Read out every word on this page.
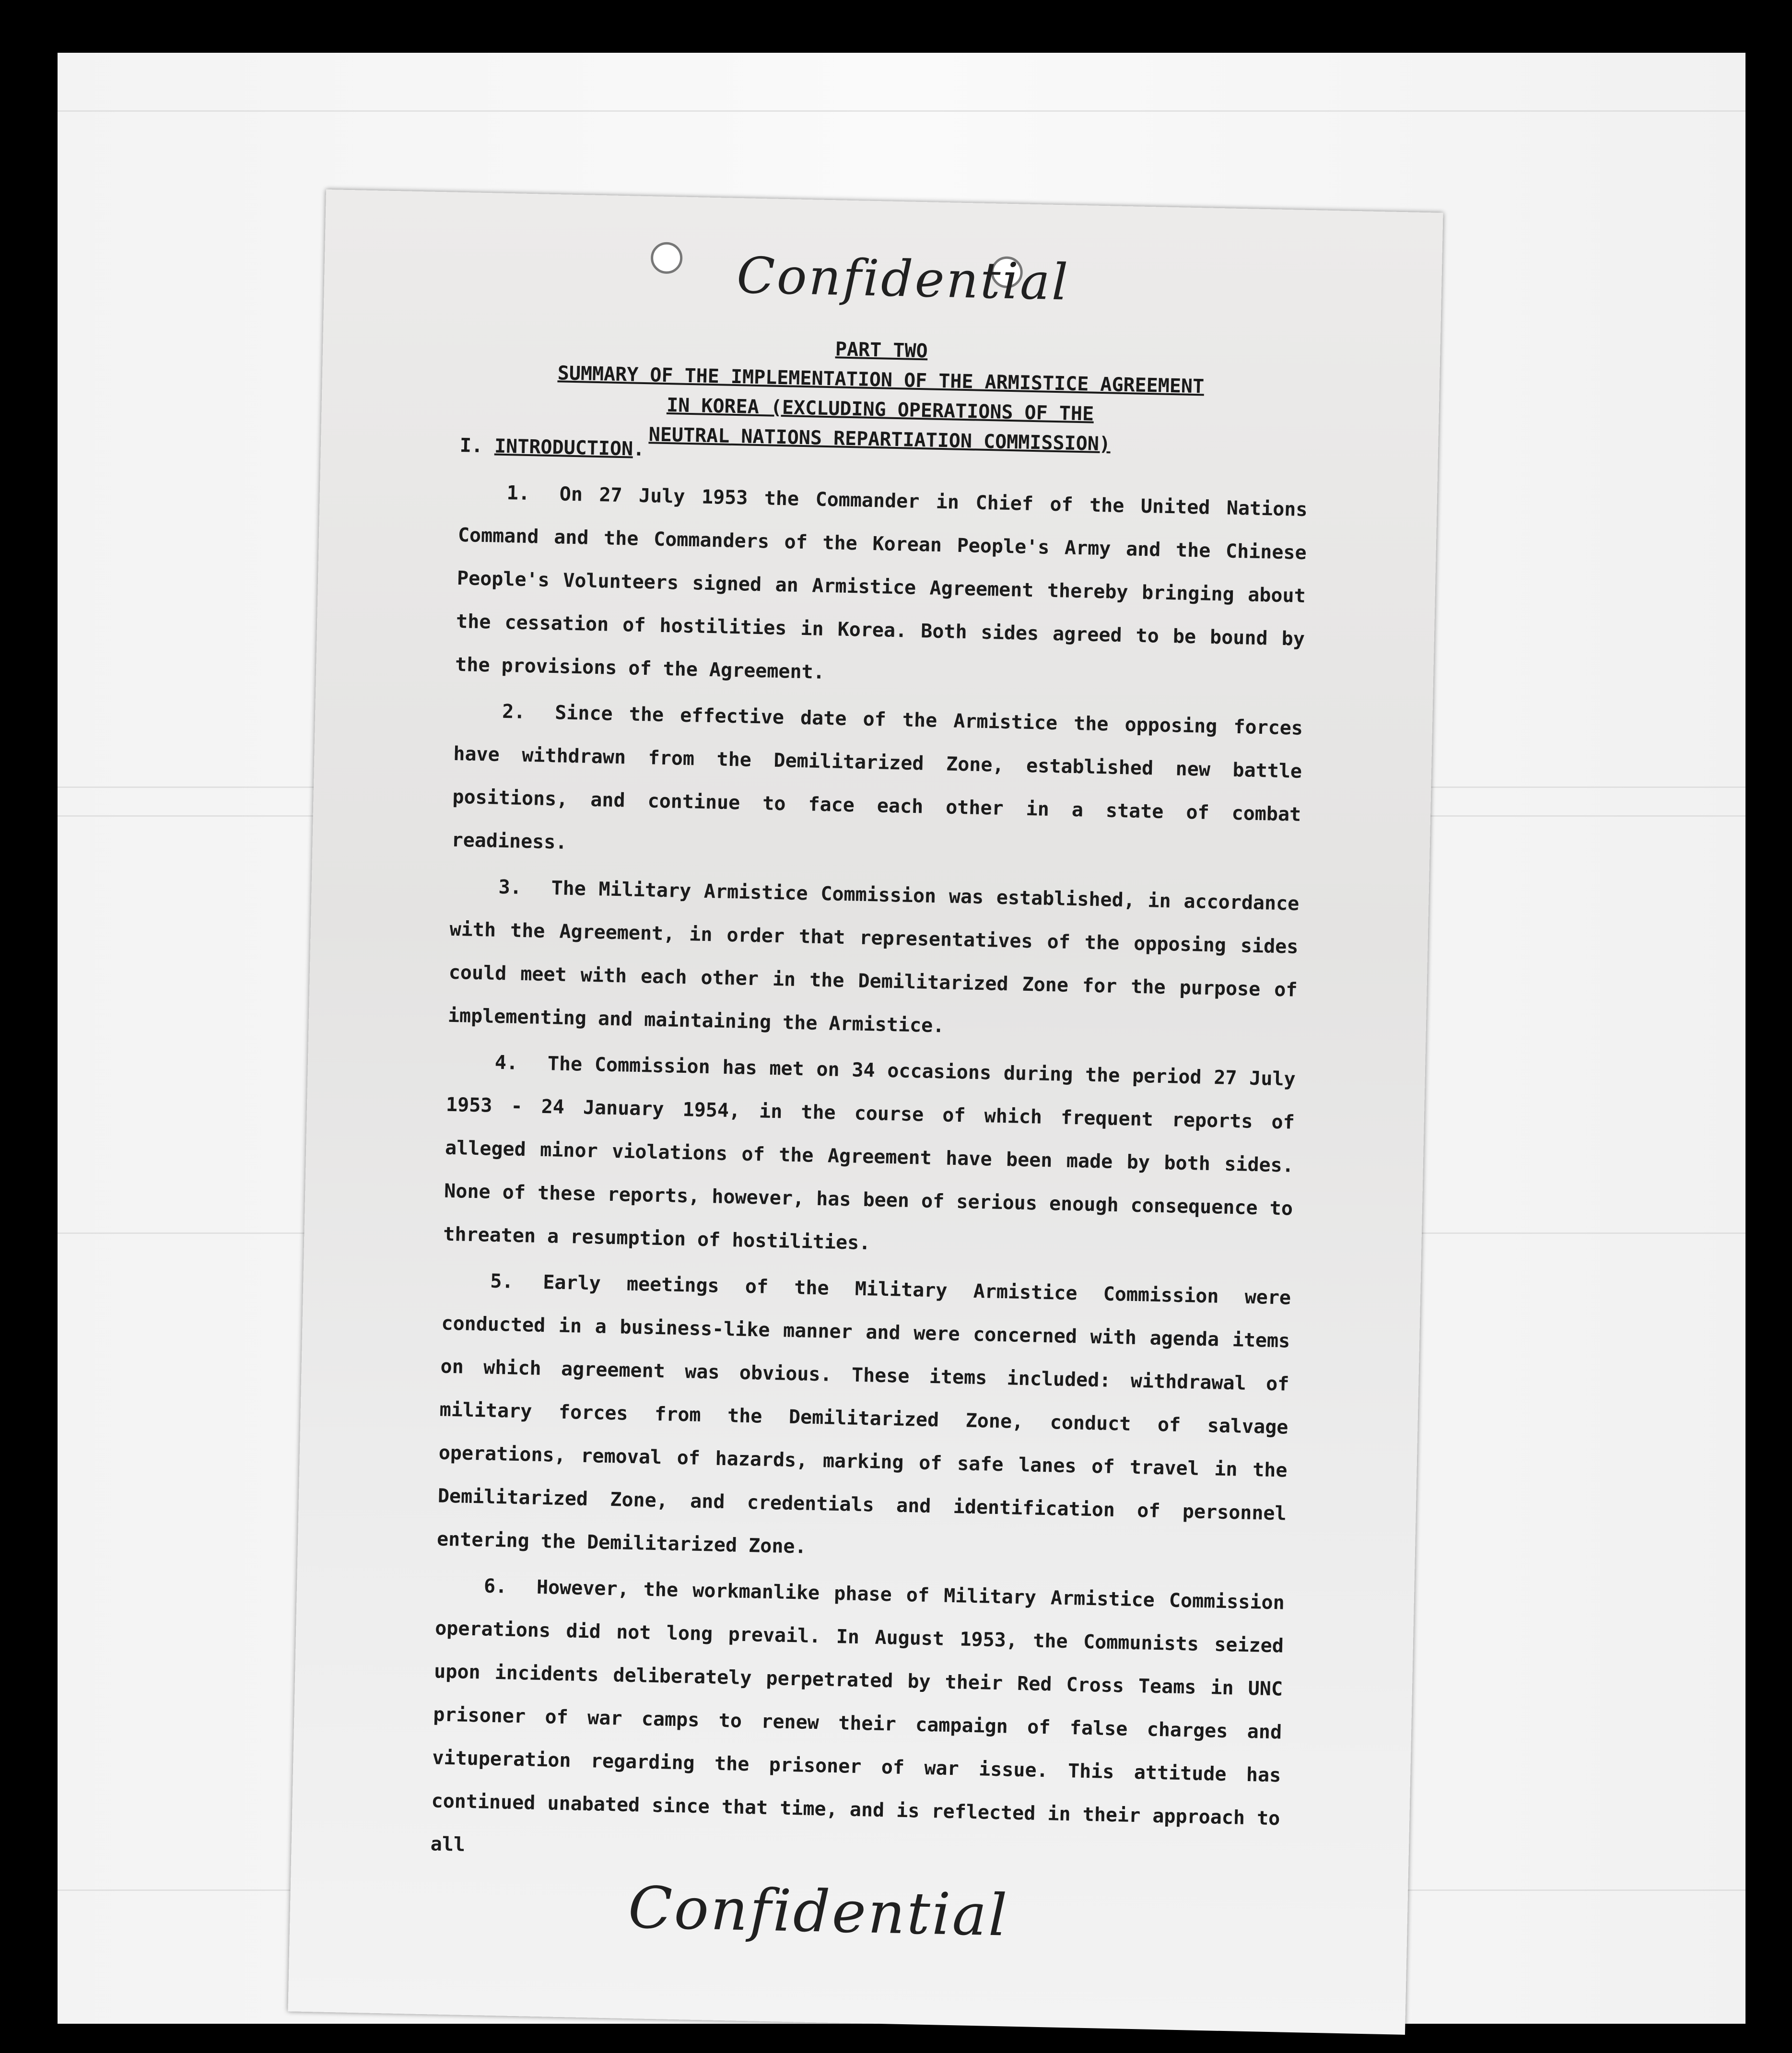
Confidential
PART TWO
SUMMARY OF THE IMPLEMENTATION OF THE ARMISTICE AGREEMENT
IN KOREA (EXCLUDING OPERATIONS OF THE
NEUTRAL NATIONS REPARTIATION COMMISSION)
I. INTRODUCTION.

1. On 27 July 1953 the Commander in Chief of the United Nations Command and the Commanders of the Korean People's Army and the Chinese People's Volunteers signed an Armistice Agreement thereby bringing about the cessation of hostilities in Korea. Both sides agreed to be bound by the provisions of the Agreement.

2. Since the effective date of the Armistice the opposing forces have withdrawn from the Demilitarized Zone, established new battle positions, and continue to face each other in a state of combat readiness.

3. The Military Armistice Commission was established, in accordance with the Agreement, in order that representatives of the opposing sides could meet with each other in the Demilitarized Zone for the purpose of implementing and maintaining the Armistice.

4. The Commission has met on 34 occasions during the period 27 July 1953 - 24 January 1954, in the course of which frequent reports of alleged minor violations of the Agreement have been made by both sides. None of these reports, however, has been of serious enough consequence to threaten a resumption of hostilities.

5. Early meetings of the Military Armistice Commission were conducted in a business-like manner and were concerned with agenda items on which agreement was obvious. These items included: withdrawal of military forces from the Demilitarized Zone, conduct of salvage operations, removal of hazards, marking of safe lanes of travel in the Demilitarized Zone, and credentials and identification of personnel entering the Demilitarized Zone.

6. However, the workmanlike phase of Military Armistice Commission operations did not long prevail. In August 1953, the Communists seized upon incidents deliberately perpetrated by their Red Cross Teams in UNC prisoner of war camps to renew their campaign of false charges and vituperation regarding the prisoner of war issue. This attitude has continued unabated since that time, and is reflected in their approach to all

Confidential
